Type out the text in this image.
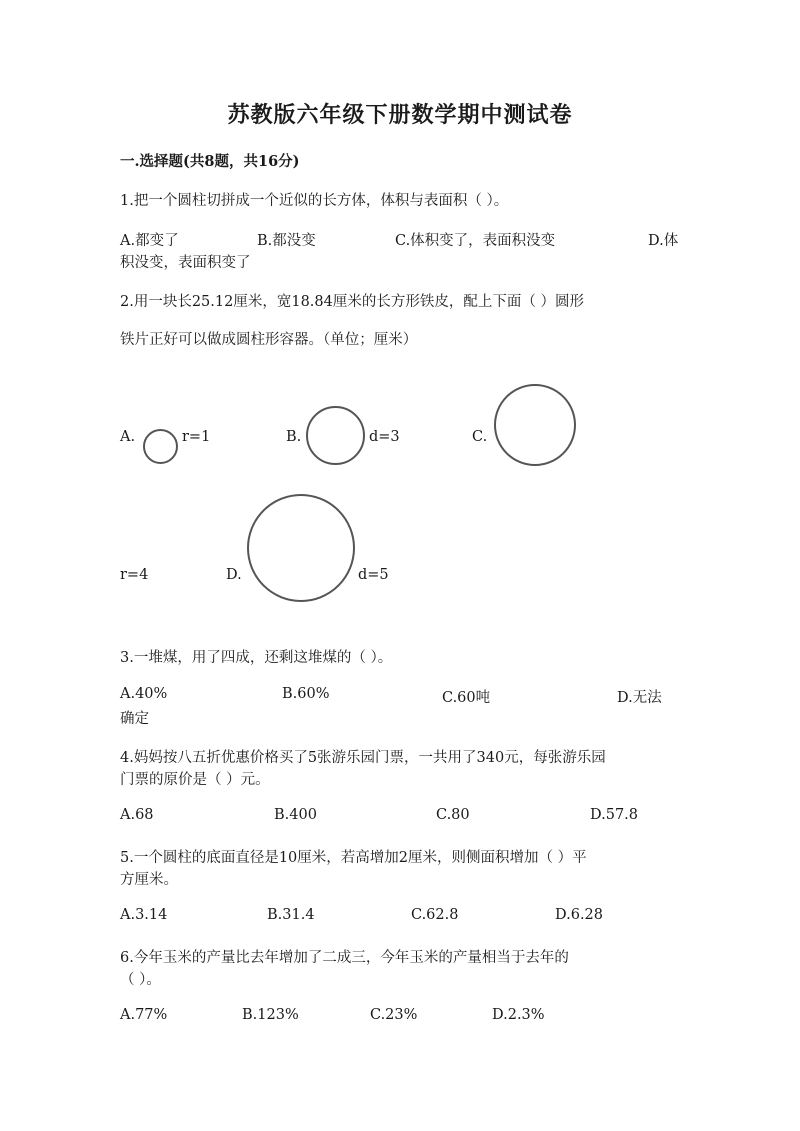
苏教版六年级下册数学期中测试卷
一.选择题(共8题，共16分)
1.把一个圆柱切拼成一个近似的长方体，体积与表面积（ ）。
A.都变了	B.都没变	C.体积变了，表面积没变	D.体
积没变，表面积变了
2.用一块长25.12厘米，宽18.84厘米的长方形铁皮，配上下面（ ）圆形
铁片正好可以做成圆柱形容器。（单位；厘米）
A.	r=1	B.	d=3	C.
r=4	D.	d=5
3.一堆煤，用了四成，还剩这堆煤的（ ）。
A.40%	B.60%	C.60吨	D.无法
确定
4.妈妈按八五折优惠价格买了5张游乐园门票，一共用了340元，每张游乐园
门票的原价是（ ）元。
A.68	B.400	C.80	D.57.8
5.一个圆柱的底面直径是10厘米，若高增加2厘米，则侧面积增加（ ）平
方厘米。
A.3.14	B.31.4	C.62.8	D.6.28
6.今年玉米的产量比去年增加了二成三，今年玉米的产量相当于去年的
（ ）。
A.77%	B.123%	C.23%	D.2.3%
